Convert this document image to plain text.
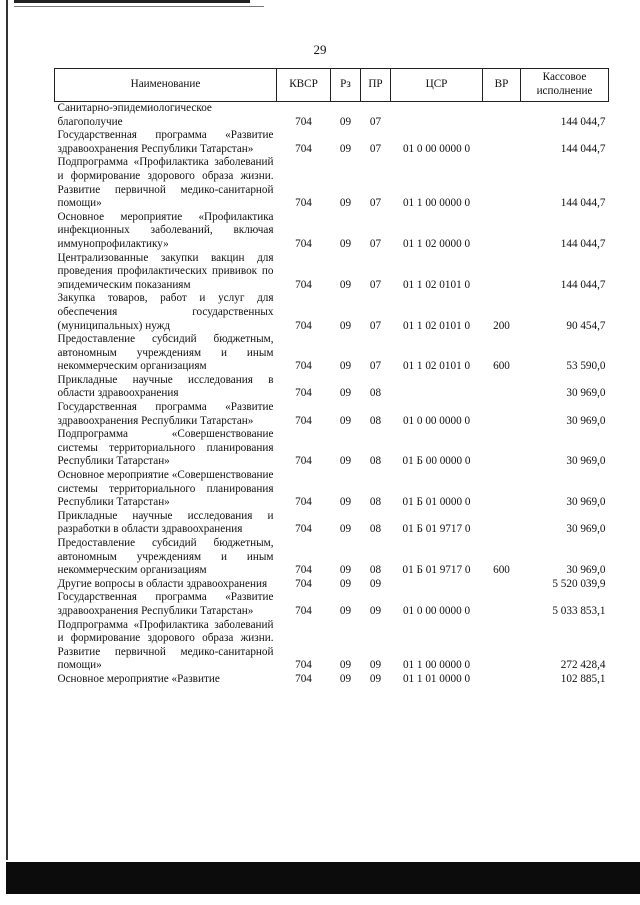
29
Наименование	КВСР	Рз	ПР	ЦСР	ВР	Кассовое исполнение
Санитарно-эпидемиологическое благополучие	704	09	07			144 044,7
Государственная программа «Развитие здравоохранения Республики Татарстан»	704	09	07	01 0 00 0000 0		144 044,7
Подпрограмма «Профилактика заболеваний и формирование здорового образа жизни. Развитие первичной медико-санитарной помощи»	704	09	07	01 1 00 0000 0		144 044,7
Основное мероприятие «Профилактика инфекционных заболеваний, включая иммунопрофилактику»	704	09	07	01 1 02 0000 0		144 044,7
Централизованные закупки вакцин для проведения профилактических прививок по эпидемическим показаниям	704	09	07	01 1 02 0101 0		144 044,7
Закупка товаров, работ и услуг для обеспечения государственных (муниципальных) нужд	704	09	07	01 1 02 0101 0	200	90 454,7
Предоставление субсидий бюджетным, автономным учреждениям и иным некоммерческим организациям	704	09	07	01 1 02 0101 0	600	53 590,0
Прикладные научные исследования в области здравоохранения	704	09	08			30 969,0
Государственная программа «Развитие здравоохранения Республики Татарстан»	704	09	08	01 0 00 0000 0		30 969,0
Подпрограмма «Совершенствование системы территориального планирования Республики Татарстан»	704	09	08	01 Б 00 0000 0		30 969,0
Основное мероприятие «Совершенствование системы территориального планирования Республики Татарстан»	704	09	08	01 Б 01 0000 0		30 969,0
Прикладные научные исследования и разработки в области здравоохранения	704	09	08	01 Б 01 9717 0		30 969,0
Предоставление субсидий бюджетным, автономным учреждениям и иным некоммерческим организациям	704	09	08	01 Б 01 9717 0	600	30 969,0
Другие вопросы в области здравоохранения	704	09	09			5 520 039,9
Государственная программа «Развитие здравоохранения Республики Татарстан»	704	09	09	01 0 00 0000 0		5 033 853,1
Подпрограмма «Профилактика заболеваний и формирование здорового образа жизни. Развитие первичной медико-санитарной помощи»	704	09	09	01 1 00 0000 0		272 428,4
Основное мероприятие «Развитие	704	09	09	01 1 01 0000 0		102 885,1
